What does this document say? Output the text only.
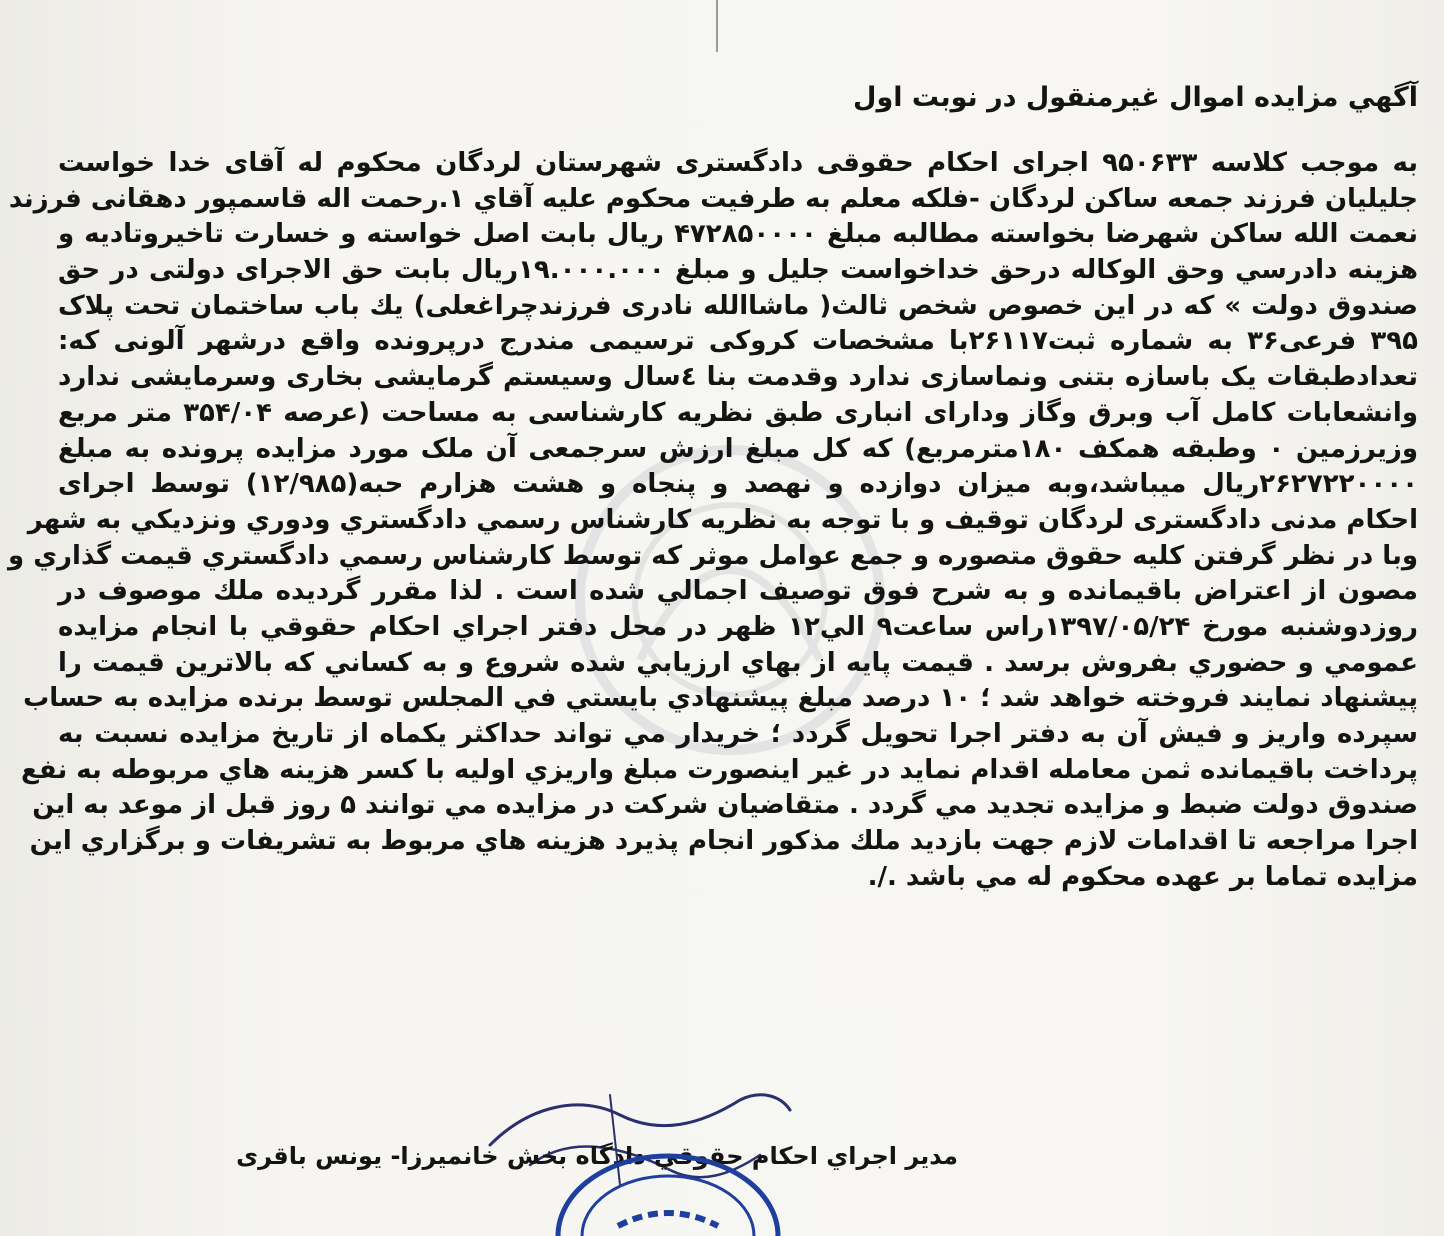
آگهي مزايده اموال غيرمنقول در نوبت اول
به موجب كلاسه ۹۵۰۶۳۳ اجرای احكام حقوقی دادگستری شهرستان لردگان محكوم له آقای خدا خواست
جليليان فرزند جمعه ساكن لردگان -فلكه معلم به طرفيت محكوم عليه آقاي ۱.رحمت اله قاسمپور دهقانی فرزند
نعمت الله ساكن شهرضا بخواسته مطالبه مبلغ ۴۷۲۸۵۰۰۰۰ ريال بابت اصل خواسته و خسارت تاخيروتاديه و
هزينه دادرسي وحق الوكاله درحق خداخواست جليل و مبلغ ۱۹.۰۰۰.۰۰۰ريال بابت حق الاجرای دولتی در حق
صندوق دولت » كه در اين خصوص شخص ثالث( ماشاالله نادری فرزندچراغعلی) يك باب ساختمان تحت پلاک
۳۹۵ فرعی۳۶ به شماره ثبت۲۶۱۱۷با مشخصات كروكی ترسيمی مندرج درپرونده واقع درشهر آلونی كه:
تعدادطبقات يک باسازه بتنی ونماسازی ندارد وقدمت بنا ٤سال وسيستم گرمايشی بخاری وسرمايشی ندارد
وانشعابات كامل آب وبرق وگاز ودارای انباری طبق نظريه كارشناسی به مساحت (عرصه ۳۵۴/۰۴ متر مربع
وزيرزمين ۰ وطبقه همكف ۱۸۰مترمربع) كه كل مبلغ ارزش سرجمعی آن ملک مورد مزايده پرونده به مبلغ
۲۶۲۷۲۲۰۰۰۰ريال ميباشد،وبه ميزان دوازده و نهصد و پنجاه و هشت هزارم حبه(۱۲/۹۸۵) توسط اجرای
احكام مدنی دادگستری لردگان توقيف و با توجه به نظريه كارشناس رسمي دادگستري ودوري ونزديكي به شهر
وبا در نظر گرفتن كليه حقوق متصوره و جمع عوامل موثر كه توسط كارشناس رسمي دادگستري قيمت گذاري و
مصون از اعتراض باقيمانده و به شرح فوق توصيف اجمالي شده است . لذا مقرر گرديده ملك موصوف در
روزدوشنبه مورخ ۱۳۹۷/۰۵/۲۴راس ساعت۹ الي۱۲ ظهر در محل دفتر اجراي احكام حقوقي با انجام مزايده
عمومي و حضوري بفروش برسد . قيمت پايه از بهاي ارزيابي شده شروع و به كساني كه بالاترين قيمت را
پيشنهاد نمايند فروخته خواهد شد ؛ ۱۰ درصد مبلغ پيشنهادي بايستي في المجلس توسط برنده مزايده به حساب
سپرده واريز و فيش آن به دفتر اجرا تحويل گردد ؛ خريدار مي تواند حداكثر يكماه از تاريخ مزايده نسبت به
پرداخت باقيمانده ثمن معامله اقدام نمايد در غير اينصورت مبلغ واريزي اوليه با كسر هزينه هاي مربوطه به نفع
صندوق دولت ضبط و مزايده تجديد مي گردد . متقاضيان شركت در مزايده مي توانند ۵ روز قبل از موعد به اين
اجرا مراجعه تا اقدامات لازم جهت بازديد ملك مذكور انجام پذيرد هزينه هاي مربوط به تشريفات و برگزاري اين
مزايده تماما بر عهده محكوم له مي باشد ./.
مدير اجراي احكام حقوقي دادگاه بخش خانميرزا- يونس باقری
